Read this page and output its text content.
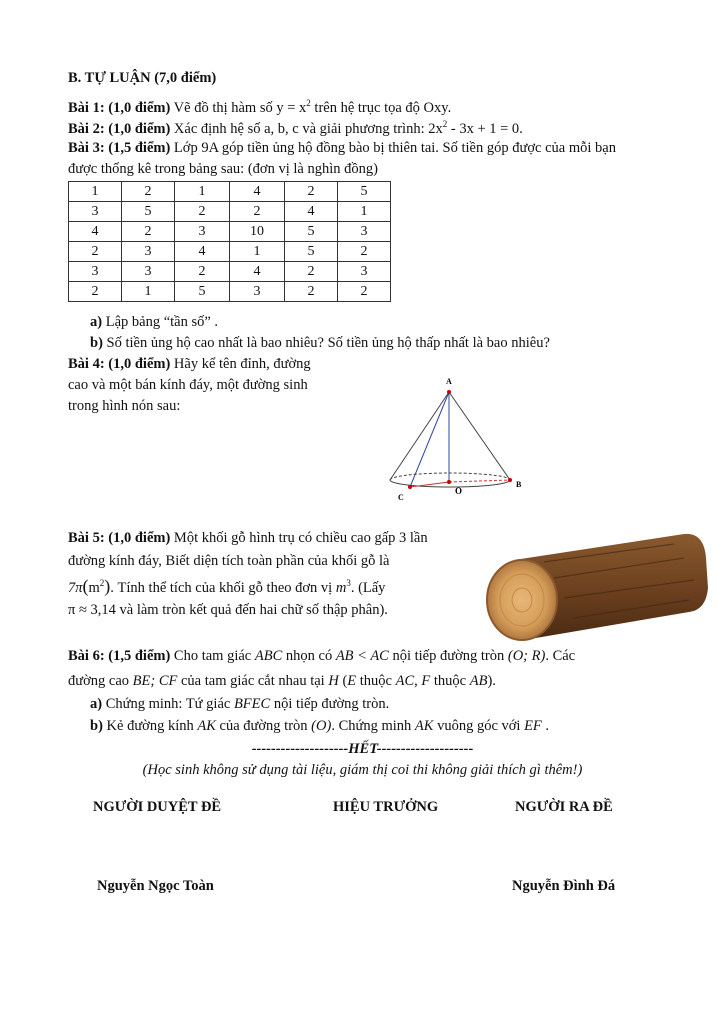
B. TỰ LUẬN (7,0 điểm)
Bài 1: (1,0 điểm) Vẽ đồ thị hàm số $y = x^2$ trên hệ trục tọa độ Oxy.
Bài 2: (1,0 điểm) Xác định hệ số a, b, c và giải phương trình: $2x^2 - 3x + 1 = 0$.
Bài 3: (1,5 điểm) Lớp 9A góp tiền ủng hộ đồng bào bị thiên tai. Số tiền góp được của mỗi bạn
được thống kê trong bảng sau: (đơn vị là nghìn đồng)
1	2	1	4	2	5
3	5	2	2	4	1
4	2	3	10	5	3
2	3	4	1	5	2
3	3	2	4	2	3
2	1	5	3	2	2
a) Lập bảng “tần số” .
b) Số tiền ủng hộ cao nhất là bao nhiêu? Số tiền ủng hộ thấp nhất là bao nhiêu?
Bài 4: (1,0 điểm) Hãy kể tên đỉnh, đường
cao và một bán kính đáy, một đường sinh
trong hình nón sau:
A
B
C
O
Bài 5: (1,0 điểm) Một khối gỗ hình trụ có chiều cao gấp 3 lần
đường kính đáy, Biết diện tích toàn phần của khối gỗ là
$7\pi(m^2)$. Tính thể tích của khối gỗ theo đơn vị $m^3$. (Lấy
π ≈ 3,14 và làm tròn kết quả đến hai chữ số thập phân).
Bài 6: (1,5 điểm) Cho tam giác ABC nhọn có AB < AC nội tiếp đường tròn (O; R). Các
đường cao BE; CF của tam giác cắt nhau tại H (E thuộc AC, F thuộc AB).
a) Chứng minh: Tứ giác BFEC nội tiếp đường tròn.
b) Kẻ đường kính AK của đường tròn (O). Chứng minh AK vuông góc với EF .
--------------------HẾT--------------------
(Học sinh không sử dụng tài liệu, giám thị coi thi không giải thích gì thêm!)
NGƯỜI DUYỆT ĐỀ	HIỆU TRƯỞNG	NGƯỜI RA ĐỀ
Nguyễn Ngọc Toàn	Nguyễn Đình Đá
